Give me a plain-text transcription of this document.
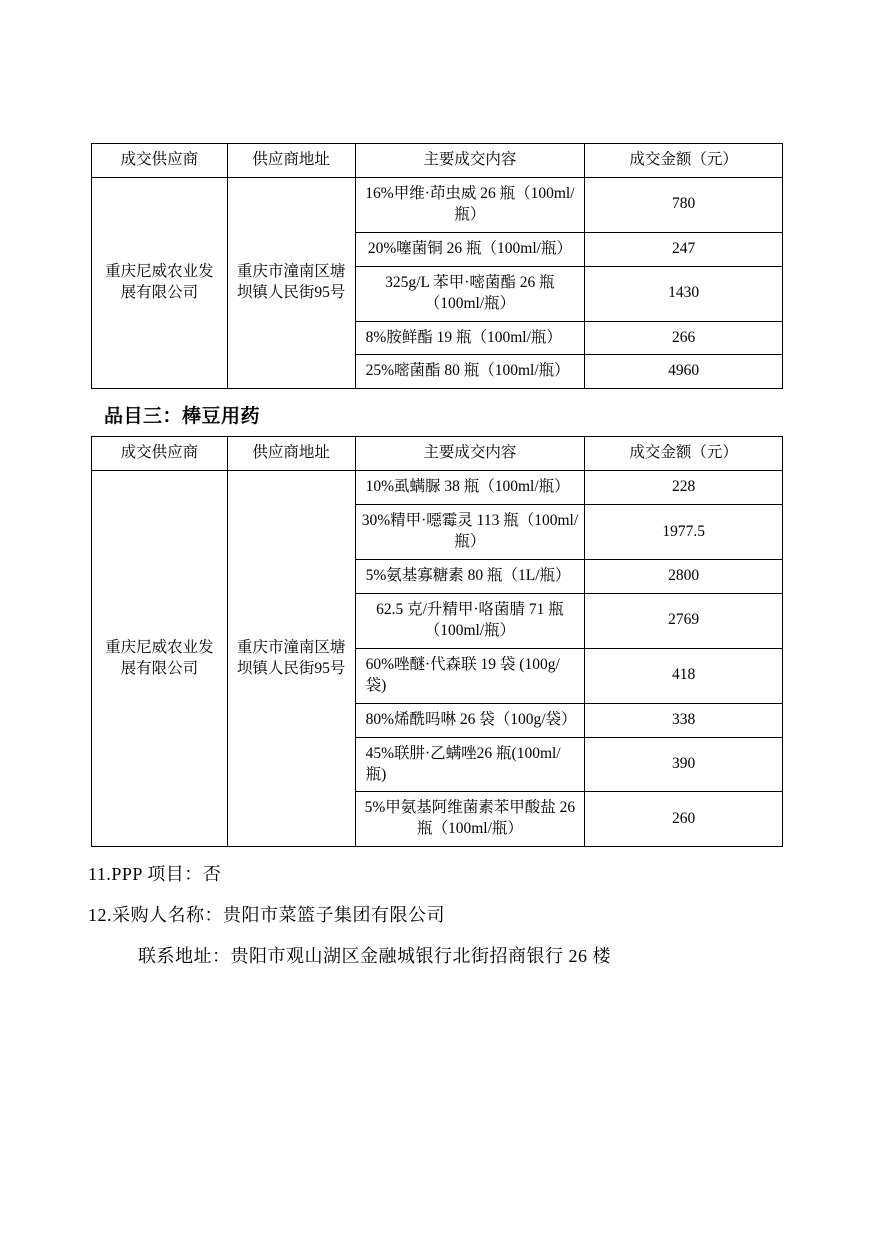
成交供应商	供应商地址	主要成交内容	成交金额（元）
重庆尼威农业发展有限公司	重庆市潼南区塘坝镇人民街95号	16%甲维·茚虫威 26 瓶（100ml/瓶）	780
		20%噻菌铜 26 瓶（100ml/瓶）	247
		325g/L 苯甲·嘧菌酯 26 瓶（100ml/瓶）	1430
		8%胺鲜酯 19 瓶（100ml/瓶）	266
		25%嘧菌酯 80 瓶（100ml/瓶）	4960
品目三：棒豆用药
成交供应商	供应商地址	主要成交内容	成交金额（元）
重庆尼威农业发展有限公司	重庆市潼南区塘坝镇人民街95号	10%虱螨脲 38 瓶（100ml/瓶）	228
		30%精甲·噁霉灵 113 瓶（100ml/瓶）	1977.5
		5%氨基寡糖素 80 瓶（1L/瓶）	2800
		62.5 克/升精甲·咯菌腈 71 瓶（100ml/瓶）	2769
		60%唑醚·代森联 19 袋 (100g/袋)	418
		80%烯酰吗啉 26 袋（100g/袋）	338
		45%联肼·乙螨唑26 瓶(100ml/瓶)	390
		5%甲氨基阿维菌素苯甲酸盐 26 瓶（100ml/瓶）	260
11.PPP 项目：否
12.采购人名称：贵阳市菜篮子集团有限公司
联系地址：贵阳市观山湖区金融城银行北街招商银行 26 楼
